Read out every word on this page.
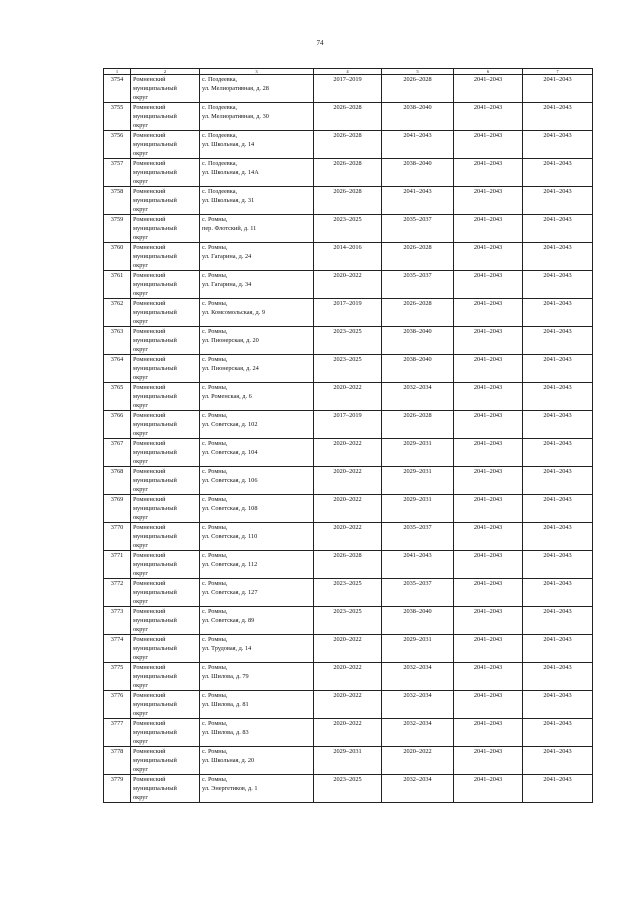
74
1	2	3	4	5	6	7
3754	Ромненский
муниципальный
округ	с. Поздеевка,
ул. Мелиоративная, д. 28	2017–2019	2026–2028	2041–2043	2041–2043
3755	Ромненский
муниципальный
округ	с. Поздеевка,
ул. Мелиоративная, д. 30	2026–2028	2038–2040	2041–2043	2041–2043
3756	Ромненский
муниципальный
округ	с. Поздеевка,
ул. Школьная, д. 14	2026–2028	2041–2043	2041–2043	2041–2043
3757	Ромненский
муниципальный
округ	с. Поздеевка,
ул. Школьная, д. 14А	2026–2028	2038–2040	2041–2043	2041–2043
3758	Ромненский
муниципальный
округ	с. Поздеевка,
ул. Школьная, д. 31	2026–2028	2041–2043	2041–2043	2041–2043
3759	Ромненский
муниципальный
округ	с. Ромны,
пер. Флотский, д. 11	2023–2025	2035–2037	2041–2043	2041–2043
3760	Ромненский
муниципальный
округ	с. Ромны,
ул. Гагарина, д. 24	2014–2016	2026–2028	2041–2043	2041–2043
3761	Ромненский
муниципальный
округ	с. Ромны,
ул. Гагарина, д. 34	2020–2022	2035–2037	2041–2043	2041–2043
3762	Ромненский
муниципальный
округ	с. Ромны,
ул. Комсомольская, д. 9	2017–2019	2026–2028	2041–2043	2041–2043
3763	Ромненский
муниципальный
округ	с. Ромны,
ул. Пионерская, д. 20	2023–2025	2038–2040	2041–2043	2041–2043
3764	Ромненский
муниципальный
округ	с. Ромны,
ул. Пионерская, д. 24	2023–2025	2038–2040	2041–2043	2041–2043
3765	Ромненский
муниципальный
округ	с. Ромны,
ул. Роменская, д. 6	2020–2022	2032–2034	2041–2043	2041–2043
3766	Ромненский
муниципальный
округ	с. Ромны,
ул. Советская, д. 102	2017–2019	2026–2028	2041–2043	2041–2043
3767	Ромненский
муниципальный
округ	с. Ромны,
ул. Советская, д. 104	2020–2022	2029–2031	2041–2043	2041–2043
3768	Ромненский
муниципальный
округ	с. Ромны,
ул. Советская, д. 106	2020–2022	2029–2031	2041–2043	2041–2043
3769	Ромненский
муниципальный
округ	с. Ромны,
ул. Советская, д. 108	2020–2022	2029–2031	2041–2043	2041–2043
3770	Ромненский
муниципальный
округ	с. Ромны,
ул. Советская, д. 110	2020–2022	2035–2037	2041–2043	2041–2043
3771	Ромненский
муниципальный
округ	с. Ромны,
ул. Советская, д. 112	2026–2028	2041–2043	2041–2043	2041–2043
3772	Ромненский
муниципальный
округ	с. Ромны,
ул. Советская, д. 127	2023–2025	2035–2037	2041–2043	2041–2043
3773	Ромненский
муниципальный
округ	с. Ромны,
ул. Советская, д. 89	2023–2025	2038–2040	2041–2043	2041–2043
3774	Ромненский
муниципальный
округ	с. Ромны,
ул. Трудовая, д. 14	2020–2022	2029–2031	2041–2043	2041–2043
3775	Ромненский
муниципальный
округ	с. Ромны,
ул. Шилова, д. 79	2020–2022	2032–2034	2041–2043	2041–2043
3776	Ромненский
муниципальный
округ	с. Ромны,
ул. Шилова, д. 81	2020–2022	2032–2034	2041–2043	2041–2043
3777	Ромненский
муниципальный
округ	с. Ромны,
ул. Шилова, д. 83	2020–2022	2032–2034	2041–2043	2041–2043
3778	Ромненский
муниципальный
округ	с. Ромны,
ул. Школьная, д. 20	2029–2031	2020–2022	2041–2043	2041–2043
3779	Ромненский
муниципальный
округ	с. Ромны,
ул. Энергетиков, д. 1	2023–2025	2032–2034	2041–2043	2041–2043
